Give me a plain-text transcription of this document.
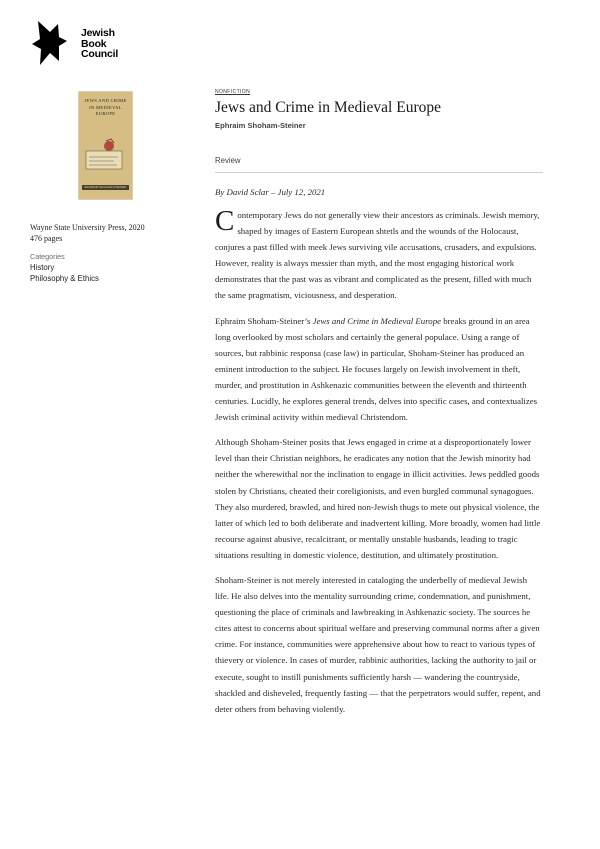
Jewish
Book
Council
JEWS AND CRIME
IN MEDIEVAL
EUROPE
EPHRAIM SHOHAM-STEINER
Wayne State University Press, 2020
476 pages
Categories
History
Philosophy & Ethics
NONFICTION
Jews and Crime in Medieval Europe
Ephraim Shoham-Steiner
Review
By David Sclar – July 12, 2021

Contemporary Jews do not generally view their ancestors as criminals. Jewish memory, shaped by images of Eastern European shtetls and the wounds of the Holocaust, conjures a past filled with meek Jews surviving vile accusations, crusaders, and expulsions. However, reality is always messier than myth, and the most engaging historical work demonstrates that the past was as vibrant and complicated as the present, filled with much the same pragmatism, viciousness, and desperation.

Ephraim Shoham-Steiner’s Jews and Crime in Medieval Europe breaks ground in an area long overlooked by most scholars and certainly the general populace. Using a range of sources, but rabbinic responsa (case law) in particular, Shoham-Steiner has produced an eminent introduction to the subject. He focuses largely on Jewish involvement in theft, murder, and prostitution in Ashkenazic communities between the eleventh and thirteenth centuries. Lucidly, he explores general trends, delves into specific cases, and contextualizes Jewish criminal activity within medieval Christendom.

Although Shoham-Steiner posits that Jews engaged in crime at a disproportionately lower level than their Christian neighbors, he eradicates any notion that the Jewish minority had neither the wherewithal nor the inclination to engage in illicit activities. Jews peddled goods stolen by Christians, cheated their coreligionists, and even burgled communal synagogues. They also murdered, brawled, and hired non-Jewish thugs to mete out physical violence, the latter of which led to both deliberate and inadvertent killing. More broadly, women had little recourse against abusive, recalcitrant, or mentally unstable husbands, leading to tragic situations resulting in domestic violence, destitution, and ultimately prostitution.

Shoham-Steiner is not merely interested in cataloging the underbelly of medieval Jewish life. He also delves into the mentality surrounding crime, condemnation, and punishment, questioning the place of criminals and lawbreaking in Ashkenazic society. The sources he cites attest to concerns about spiritual welfare and preserving communal norms after a given crime. For instance, communities were apprehensive about how to react to various types of thievery or violence. In cases of murder, rabbinic authorities, lacking the authority to jail or execute, sought to instill punishments sufficiently harsh — wandering the countryside, shackled and disheveled, frequently fasting — that the perpetrators would suffer, repent, and deter others from behaving violently.
